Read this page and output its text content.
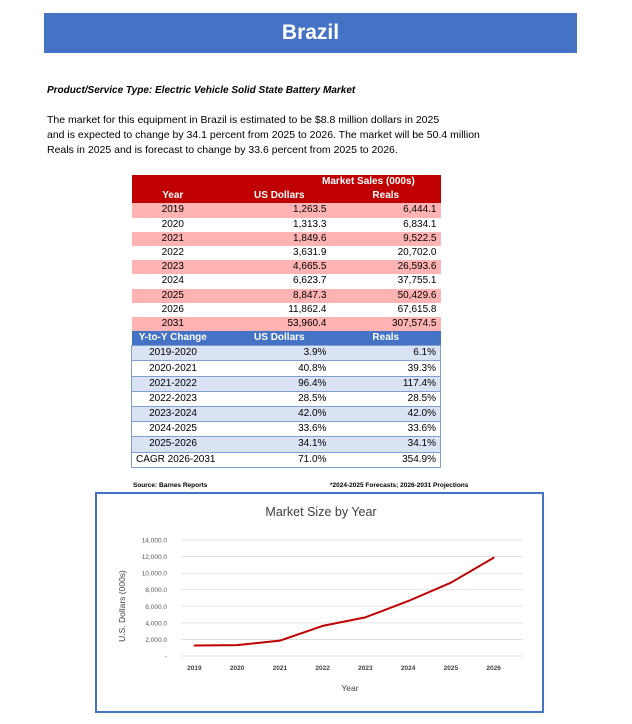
Brazil
Product/Service Type: Electric Vehicle Solid State Battery Market
The market for this equipment in Brazil is estimated to be $8.8 million dollars in 2025
and is expected to change by 34.1 percent from 2025 to 2026. The market will be 50.4 million
Reals in 2025 and is forecast to change by 33.6 percent from 2025 to 2026.
	Market Sales (000s)	
Year	US Dollars	Reals
2019	1,263.5	6,444.1
2020	1,313.3	6,834.1
2021	1,849.6	9,522.5
2022	3,631.9	20,702.0
2023	4,665.5	26,593.6
2024	6,623.7	37,755.1
2025	8,847.3	50,429.6
2026	11,862.4	67,615.8
2031	53,960.4	307,574.5
Y-to-Y Change	US Dollars	Reals
2019-2020	3.9%	6.1%
2020-2021	40.8%	39.3%
2021-2022	96.4%	117.4%
2022-2023	28.5%	28.5%
2023-2024	42.0%	42.0%
2024-2025	33.6%	33.6%
2025-2026	34.1%	34.1%
CAGR 2026-2031	71.0%	354.9%
Source: Barnes Reports	*2024-2025 Forecasts; 2026-2031 Projections
Market Size by Year
U.S. Dollars (000s)
Year
-
2,000.0
4,000.0
6,000.0
8,000.0
10,000.0
12,000.0
14,000.0
2019	2020	2021	2022	2023	2024	2025	2026
